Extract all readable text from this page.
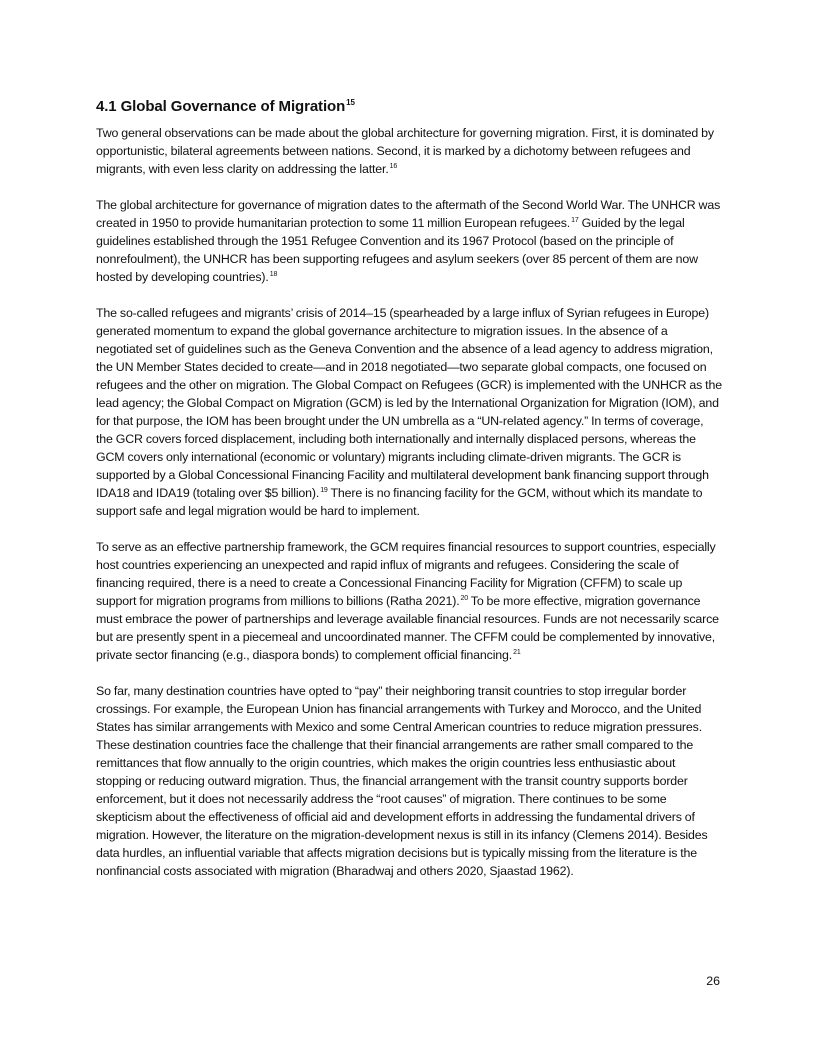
4.1 Global Governance of Migration$^{15}$

Two general observations can be made about the global architecture for governing migration. First, it is dominated by opportunistic, bilateral agreements between nations. Second, it is marked by a dichotomy between refugees and migrants, with even less clarity on addressing the latter.$^{16}$

The global architecture for governance of migration dates to the aftermath of the Second World War. The UNHCR was created in 1950 to provide humanitarian protection to some 11 million European refugees.$^{17}$ Guided by the legal guidelines established through the 1951 Refugee Convention and its 1967 Protocol (based on the principle of nonrefoulment), the UNHCR has been supporting refugees and asylum seekers (over 85 percent of them are now hosted by developing countries).$^{18}$

The so-called refugees and migrants’ crisis of 2014–15 (spearheaded by a large influx of Syrian refugees in Europe) generated momentum to expand the global governance architecture to migration issues. In the absence of a negotiated set of guidelines such as the Geneva Convention and the absence of a lead agency to address migration, the UN Member States decided to create—and in 2018 negotiated—two separate global compacts, one focused on refugees and the other on migration. The Global Compact on Refugees (GCR) is implemented with the UNHCR as the lead agency; the Global Compact on Migration (GCM) is led by the International Organization for Migration (IOM), and for that purpose, the IOM has been brought under the UN umbrella as a “UN-related agency.” In terms of coverage, the GCR covers forced displacement, including both internationally and internally displaced persons, whereas the GCM covers only international (economic or voluntary) migrants including climate-driven migrants. The GCR is supported by a Global Concessional Financing Facility and multilateral development bank financing support through IDA18 and IDA19 (totaling over $5 billion).$^{19}$ There is no financing facility for the GCM, without which its mandate to support safe and legal migration would be hard to implement.

To serve as an effective partnership framework, the GCM requires financial resources to support countries, especially host countries experiencing an unexpected and rapid influx of migrants and refugees. Considering the scale of financing required, there is a need to create a Concessional Financing Facility for Migration (CFFM) to scale up support for migration programs from millions to billions (Ratha 2021).$^{20}$ To be more effective, migration governance must embrace the power of partnerships and leverage available financial resources. Funds are not necessarily scarce but are presently spent in a piecemeal and uncoordinated manner. The CFFM could be complemented by innovative, private sector financing (e.g., diaspora bonds) to complement official financing.$^{21}$

So far, many destination countries have opted to “pay” their neighboring transit countries to stop irregular border crossings. For example, the European Union has financial arrangements with Turkey and Morocco, and the United States has similar arrangements with Mexico and some Central American countries to reduce migration pressures. These destination countries face the challenge that their financial arrangements are rather small compared to the remittances that flow annually to the origin countries, which makes the origin countries less enthusiastic about stopping or reducing outward migration. Thus, the financial arrangement with the transit country supports border enforcement, but it does not necessarily address the “root causes” of migration. There continues to be some skepticism about the effectiveness of official aid and development efforts in addressing the fundamental drivers of migration. However, the literature on the migration-development nexus is still in its infancy (Clemens 2014). Besides data hurdles, an influential variable that affects migration decisions but is typically missing from the literature is the nonfinancial costs associated with migration (Bharadwaj and others 2020, Sjaastad 1962).

26
